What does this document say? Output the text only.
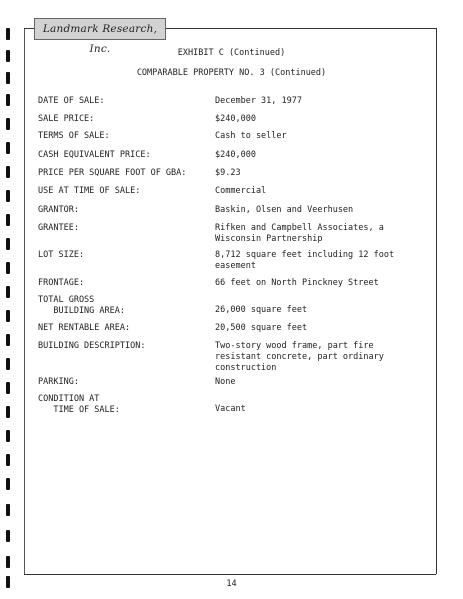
Landmark Research, Inc.	EXHIBIT C (Continued)
COMPARABLE PROPERTY NO. 3 (Continued)
DATE OF SALE:	December 31, 1977
SALE PRICE:	$240,000
TERMS OF SALE:	Cash to seller
CASH EQUIVALENT PRICE:	$240,000
PRICE PER SQUARE FOOT OF GBA:	$9.23
USE AT TIME OF SALE:	Commercial
GRANTOR:	Baskin, Olsen and Veerhusen
GRANTEE:	Rifken and Campbell Associates, a Wisconsin Partnership
LOT SIZE:	8,712 square feet including 12 foot easement
FRONTAGE:	66 feet on North Pinckney Street
TOTAL GROSS
BUILDING AREA:	26,000 square feet
NET RENTABLE AREA:	20,500 square feet
BUILDING DESCRIPTION:	Two-story wood frame, part fire resistant concrete, part ordinary construction
PARKING:	None
CONDITION AT
TIME OF SALE:	Vacant
14
